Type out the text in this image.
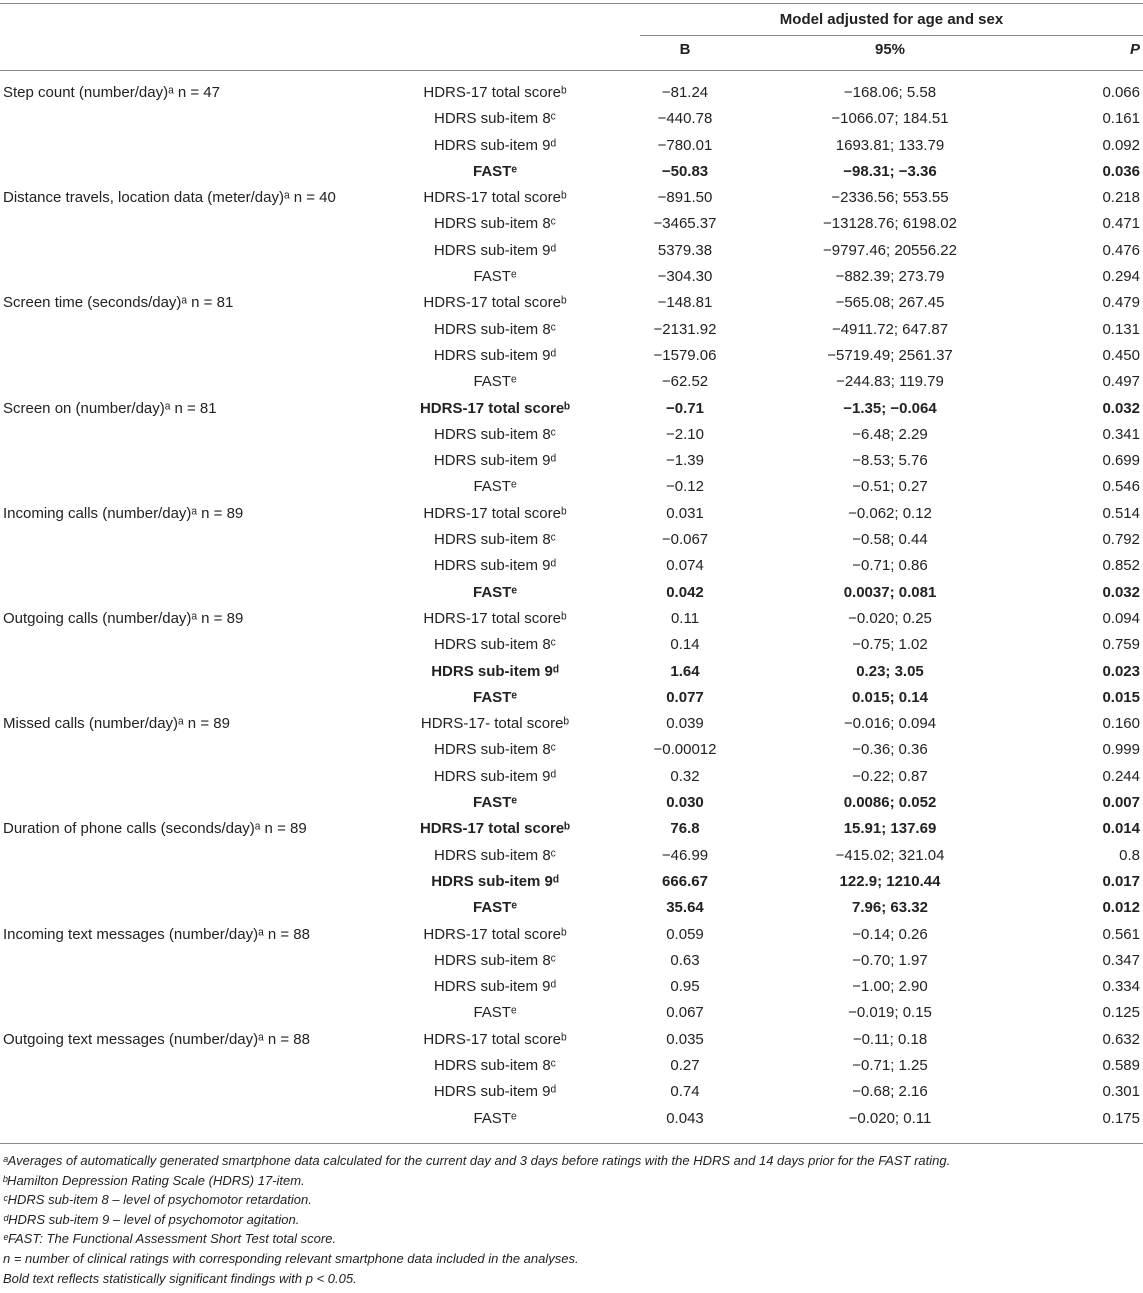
Model adjusted for age and sex
B	95%	P
Step count (number/day)ᵃ n = 47	HDRS-17 total scoreᵇ	−81.24	−168.06; 5.58	0.066
HDRS sub-item 8ᶜ	−440.78	−1066.07; 184.51	0.161
HDRS sub-item 9ᵈ	−780.01	1693.81; 133.79	0.092
FASTᵉ	−50.83	−98.31; −3.36	0.036
Distance travels, location data (meter/day)ᵃ n = 40	HDRS-17 total scoreᵇ	−891.50	−2336.56; 553.55	0.218
HDRS sub-item 8ᶜ	−3465.37	−13128.76; 6198.02	0.471
HDRS sub-item 9ᵈ	5379.38	−9797.46; 20556.22	0.476
FASTᵉ	−304.30	−882.39; 273.79	0.294
Screen time (seconds/day)ᵃ n = 81	HDRS-17 total scoreᵇ	−148.81	−565.08; 267.45	0.479
HDRS sub-item 8ᶜ	−2131.92	−4911.72; 647.87	0.131
HDRS sub-item 9ᵈ	−1579.06	−5719.49; 2561.37	0.450
FASTᵉ	−62.52	−244.83; 119.79	0.497
Screen on (number/day)ᵃ n = 81	HDRS-17 total scoreᵇ	−0.71	−1.35; −0.064	0.032
HDRS sub-item 8ᶜ	−2.10	−6.48; 2.29	0.341
HDRS sub-item 9ᵈ	−1.39	−8.53; 5.76	0.699
FASTᵉ	−0.12	−0.51; 0.27	0.546
Incoming calls (number/day)ᵃ n = 89	HDRS-17 total scoreᵇ	0.031	−0.062; 0.12	0.514
HDRS sub-item 8ᶜ	−0.067	−0.58; 0.44	0.792
HDRS sub-item 9ᵈ	0.074	−0.71; 0.86	0.852
FASTᵉ	0.042	0.0037; 0.081	0.032
Outgoing calls (number/day)ᵃ n = 89	HDRS-17 total scoreᵇ	0.11	−0.020; 0.25	0.094
HDRS sub-item 8ᶜ	0.14	−0.75; 1.02	0.759
HDRS sub-item 9ᵈ	1.64	0.23; 3.05	0.023
FASTᵉ	0.077	0.015; 0.14	0.015
Missed calls (number/day)ᵃ n = 89	HDRS-17- total scoreᵇ	0.039	−0.016; 0.094	0.160
HDRS sub-item 8ᶜ	−0.00012	−0.36; 0.36	0.999
HDRS sub-item 9ᵈ	0.32	−0.22; 0.87	0.244
FASTᵉ	0.030	0.0086; 0.052	0.007
Duration of phone calls (seconds/day)ᵃ n = 89	HDRS-17 total scoreᵇ	76.8	15.91; 137.69	0.014
HDRS sub-item 8ᶜ	−46.99	−415.02; 321.04	0.8
HDRS sub-item 9ᵈ	666.67	122.9; 1210.44	0.017
FASTᵉ	35.64	7.96; 63.32	0.012
Incoming text messages (number/day)ᵃ n = 88	HDRS-17 total scoreᵇ	0.059	−0.14; 0.26	0.561
HDRS sub-item 8ᶜ	0.63	−0.70; 1.97	0.347
HDRS sub-item 9ᵈ	0.95	−1.00; 2.90	0.334
FASTᵉ	0.067	−0.019; 0.15	0.125
Outgoing text messages (number/day)ᵃ n = 88	HDRS-17 total scoreᵇ	0.035	−0.11; 0.18	0.632
HDRS sub-item 8ᶜ	0.27	−0.71; 1.25	0.589
HDRS sub-item 9ᵈ	0.74	−0.68; 2.16	0.301
FASTᵉ	0.043	−0.020; 0.11	0.175
ᵃAverages of automatically generated smartphone data calculated for the current day and 3 days before ratings with the HDRS and 14 days prior for the FAST rating.
ᵇHamilton Depression Rating Scale (HDRS) 17-item.
ᶜHDRS sub-item 8 – level of psychomotor retardation.
ᵈHDRS sub-item 9 – level of psychomotor agitation.
ᵉFAST: The Functional Assessment Short Test total score.
n = number of clinical ratings with corresponding relevant smartphone data included in the analyses.
Bold text reflects statistically significant findings with p < 0.05.
